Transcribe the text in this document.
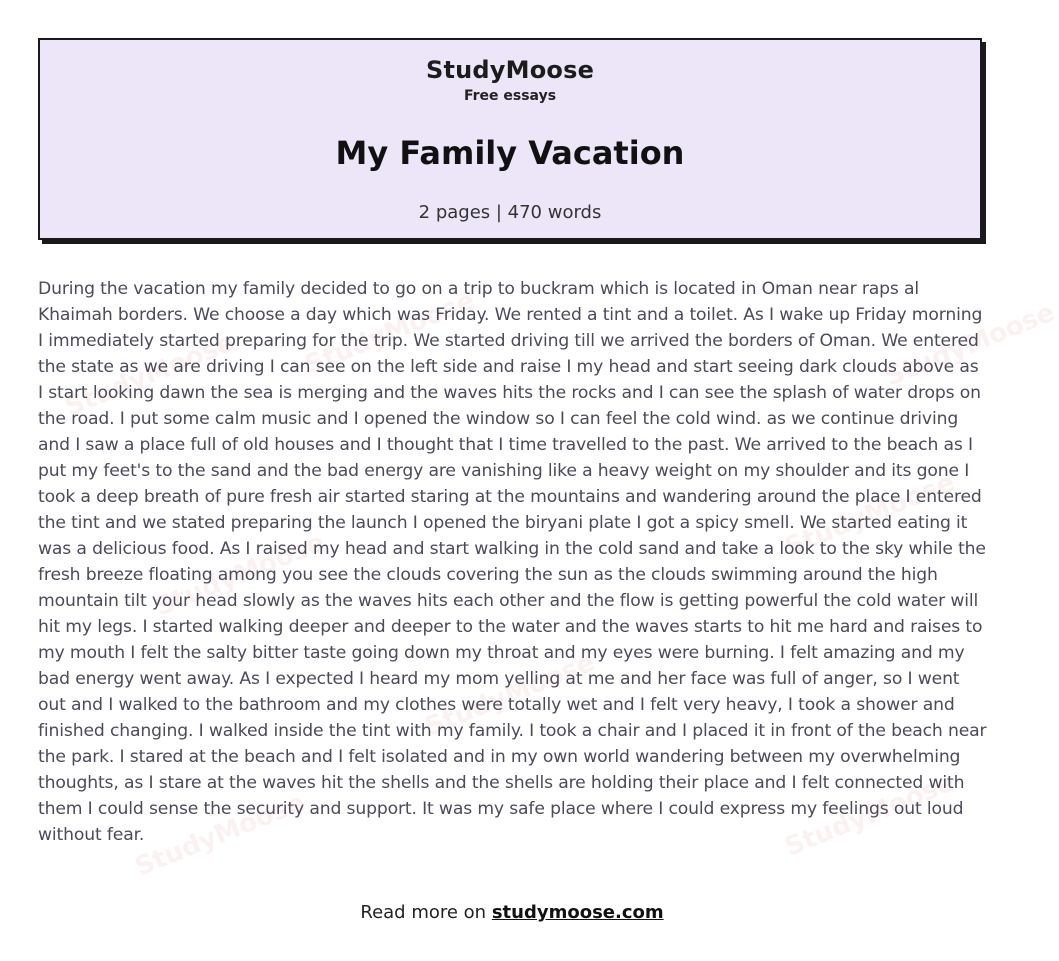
StudyMoose
Free essays
My Family Vacation
2 pages | 470 words
StudyMoose	StudyMoose
StudyMoose
StudyMoose
StudyMoose
StudyMoose
StudyMoose	StudyMoose

During the vacation my family decided to go on a trip to buckram which is located in Oman near raps al Khaimah borders. We choose a day which was Friday. We rented a tint and a toilet. As I wake up Friday morning I immediately started preparing for the trip. We started driving till we arrived the borders of Oman. We entered the state as we are driving I can see on the left side and raise I my head and start seeing dark clouds above as I start looking dawn the sea is merging and the waves hits the rocks and I can see the splash of water drops on the road. I put some calm music and I opened the window so I can feel the cold wind. as we continue driving and I saw a place full of old houses and I thought that I time travelled to the past. We arrived to the beach as I put my feet's to the sand and the bad energy are vanishing like a heavy weight on my shoulder and its gone I took a deep breath of pure fresh air started staring at the mountains and wandering around the place I entered the tint and we stated preparing the launch I opened the biryani plate I got a spicy smell. We started eating it was a delicious food. As I raised my head and start walking in the cold sand and take a look to the sky while the fresh breeze floating among you see the clouds covering the sun as the clouds swimming around the high mountain tilt your head slowly as the waves hits each other and the flow is getting powerful the cold water will hit my legs. I started walking deeper and deeper to the water and the waves starts to hit me hard and raises to my mouth I felt the salty bitter taste going down my throat and my eyes were burning. I felt amazing and my bad energy went away. As I expected I heard my mom yelling at me and her face was full of anger, so I went out and I walked to the bathroom and my clothes were totally wet and I felt very heavy, I took a shower and finished changing. I walked inside the tint with my family. I took a chair and I placed it in front of the beach near the park. I stared at the beach and I felt isolated and in my own world wandering between my overwhelming thoughts, as I stare at the waves hit the shells and the shells are holding their place and I felt connected with them I could sense the security and support. It was my safe place where I could express my feelings out loud without fear.

Read more on studymoose.com
